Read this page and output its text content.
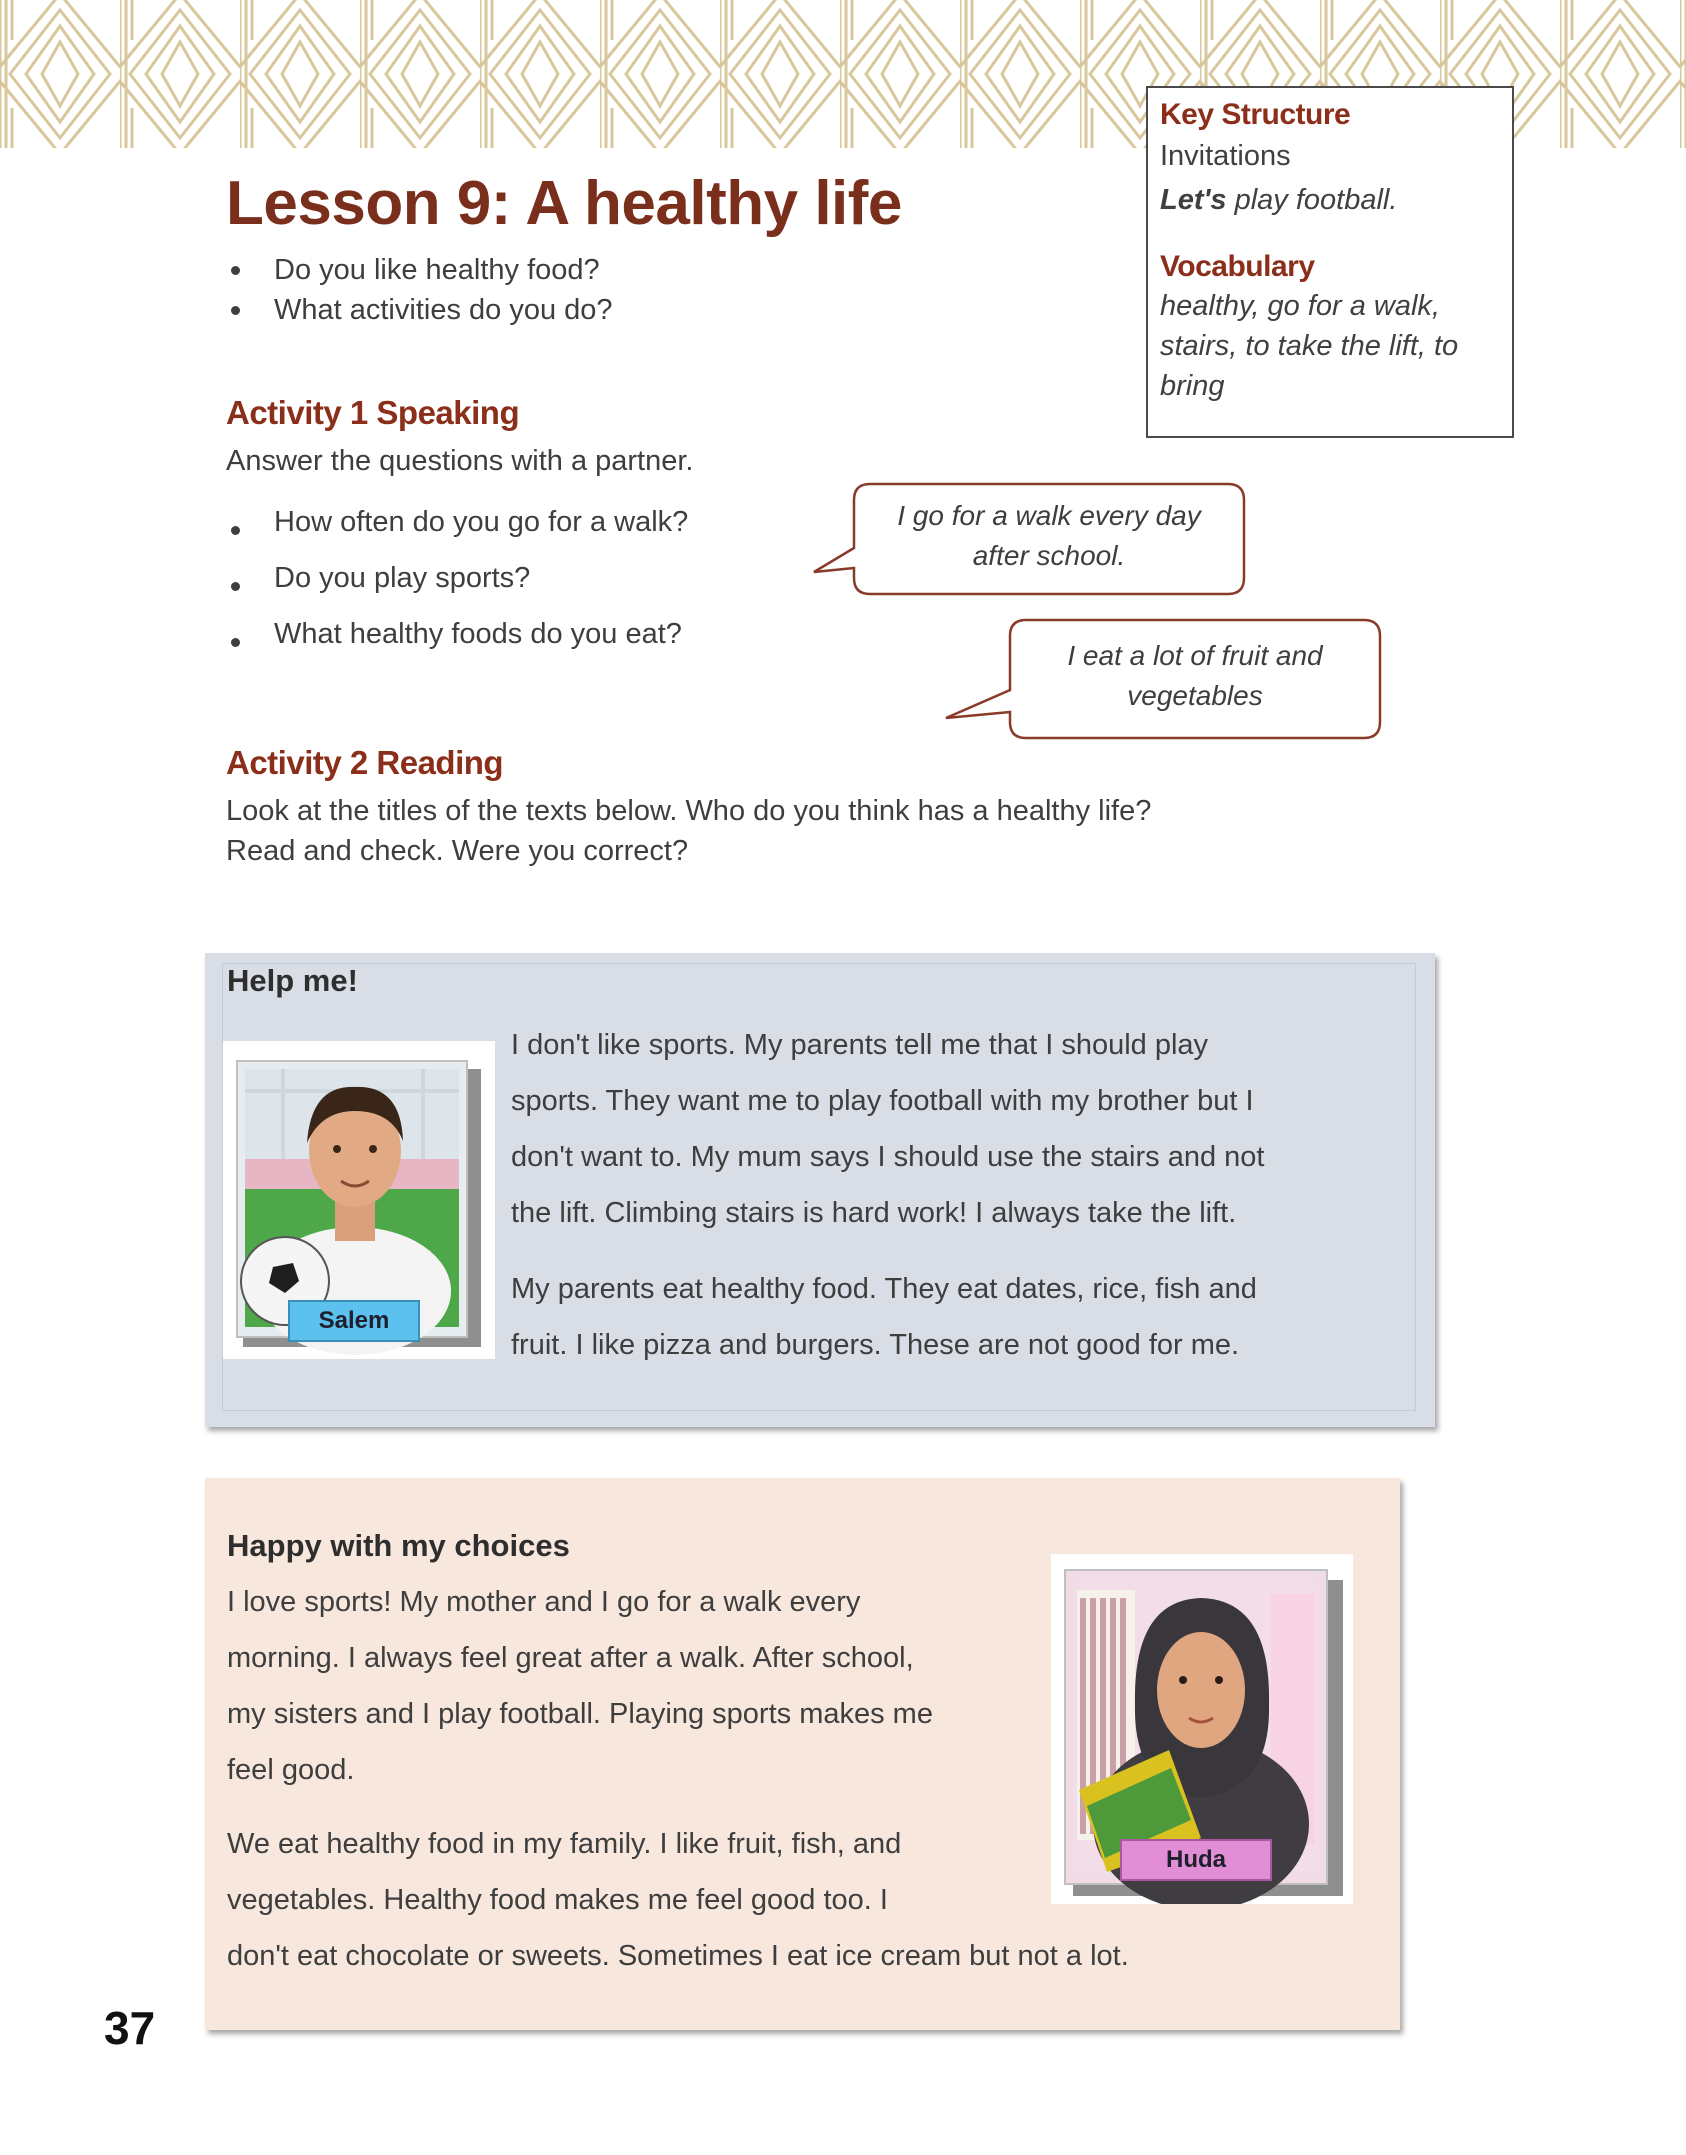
Key Structure

Invitations

Let's play football.

Vocabulary

healthy, go for a walk,
stairs, to take the lift, to
bring

Lesson 9: A healthy life
Do you like healthy food?
What activities do you do?
Activity 1 Speaking

Answer the questions with a partner.

How often do you go for a walk?
Do you play sports?
What healthy foods do you eat?

I go for a walk every day
after school.

I eat a lot of fruit and
vegetables

Activity 2 Reading

Look at the titles of the texts below. Who do you think has a healthy life?
Read and check. Were you correct?

Help me!
Salem
I don't like sports. My parents tell me that I should play
sports. They want me to play football with my brother but I
don't want to. My mum says I should use the stairs and not
the lift. Climbing stairs is hard work! I always take the lift.
My parents eat healthy food. They eat dates, rice, fish and
fruit. I like pizza and burgers. These are not good for me.
Happy with my choices
I love sports! My mother and I go for a walk every
morning. I always feel great after a walk. After school,
my sisters and I play football. Playing sports makes me
feel good.
We eat healthy food in my family. I like fruit, fish, and
vegetables. Healthy food makes me feel good too. I
don't eat chocolate or sweets. Sometimes I eat ice cream but not a lot.
Huda

37
